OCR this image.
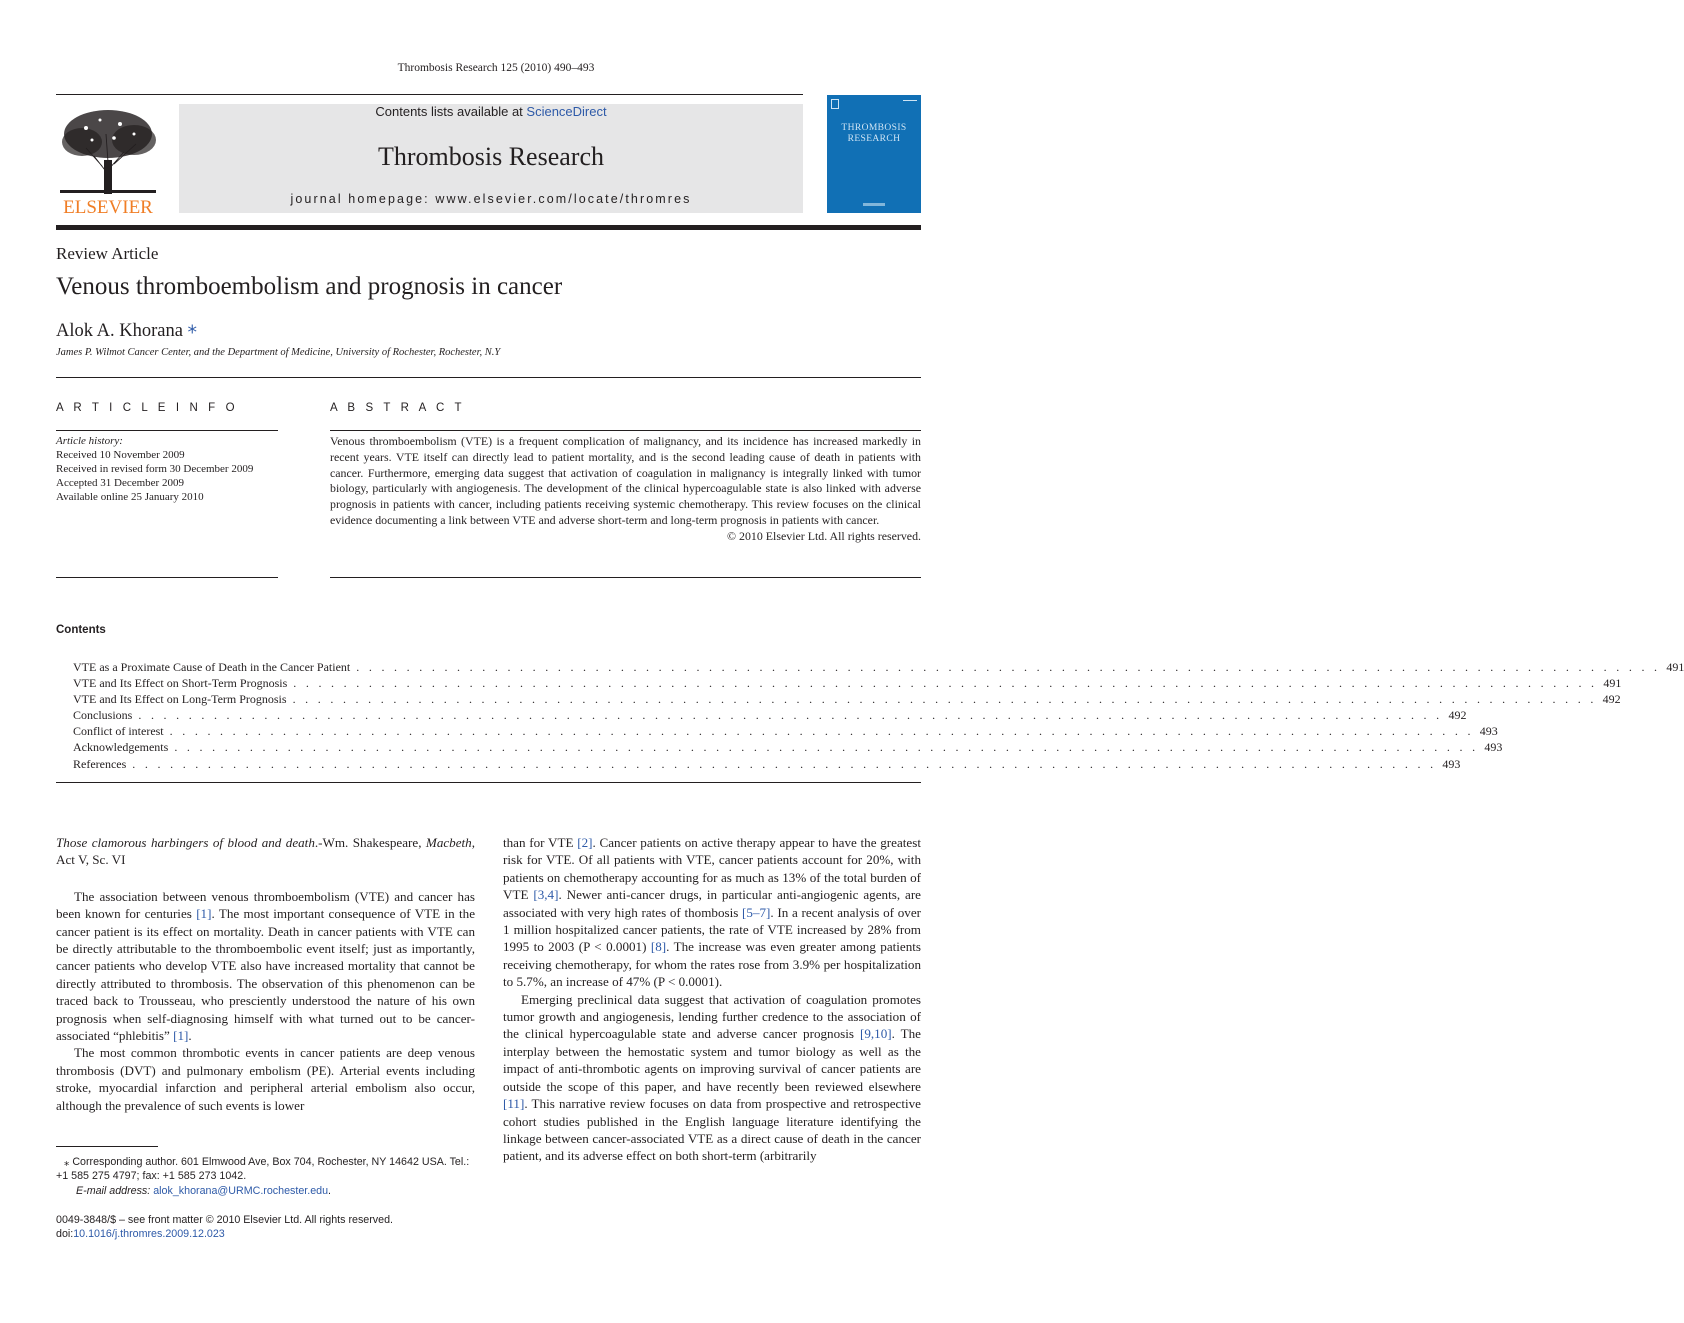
Thrombosis Research 125 (2010) 490–493
ELSEVIER
Contents lists available at ScienceDirect
Thrombosis Research
journal homepage: www.elsevier.com/locate/thromres
THROMBOSIS
RESEARCH
Review Article
Venous thromboembolism and prognosis in cancer
Alok A. Khorana ⁎
James P. Wilmot Cancer Center, and the Department of Medicine, University of Rochester, Rochester, N.Y
A R T I C L E I N F O
Article history:
Received 10 November 2009
Received in revised form 30 December 2009
Accepted 31 December 2009
Available online 25 January 2010
A B S T R A C T
Venous thromboembolism (VTE) is a frequent complication of malignancy, and its incidence has increased markedly in recent years. VTE itself can directly lead to patient mortality, and is the second leading cause of death in patients with cancer. Furthermore, emerging data suggest that activation of coagulation in malignancy is integrally linked with tumor biology, particularly with angiogenesis. The development of the clinical hypercoagulable state is also linked with adverse prognosis in patients with cancer, including patients receiving systemic chemotherapy. This review focuses on the clinical evidence documenting a link between VTE and adverse short-term and long-term prognosis in patients with cancer.
© 2010 Elsevier Ltd. All rights reserved.
Contents
VTE as a Proximate Cause of Death in the Cancer Patient . . . . . . . . . . . . . . . . . . . . . . . . . . . . . . . . . . . . . . . . . . . . . . . . . . . . . . . . . . . . . . . . . . . . . . . . . . . . . . . . . . . . . . . . . . . . . . . . . . . . . . . . 491
VTE and Its Effect on Short-Term Prognosis . . . . . . . . . . . . . . . . . . . . . . . . . . . . . . . . . . . . . . . . . . . . . . . . . . . . . . . . . . . . . . . . . . . . . . . . . . . . . . . . . . . . . . . . . . . . . . . . . . . . . . . . 491
VTE and Its Effect on Long-Term Prognosis . . . . . . . . . . . . . . . . . . . . . . . . . . . . . . . . . . . . . . . . . . . . . . . . . . . . . . . . . . . . . . . . . . . . . . . . . . . . . . . . . . . . . . . . . . . . . . . . . . . . . . . . 492
Conclusions . . . . . . . . . . . . . . . . . . . . . . . . . . . . . . . . . . . . . . . . . . . . . . . . . . . . . . . . . . . . . . . . . . . . . . . . . . . . . . . . . . . . . . . . . . . . . . . . . . . . . . . . 492
Conflict of interest . . . . . . . . . . . . . . . . . . . . . . . . . . . . . . . . . . . . . . . . . . . . . . . . . . . . . . . . . . . . . . . . . . . . . . . . . . . . . . . . . . . . . . . . . . . . . . . . . . . . . . . . 493
Acknowledgements . . . . . . . . . . . . . . . . . . . . . . . . . . . . . . . . . . . . . . . . . . . . . . . . . . . . . . . . . . . . . . . . . . . . . . . . . . . . . . . . . . . . . . . . . . . . . . . . . . . . . . . . 493
References . . . . . . . . . . . . . . . . . . . . . . . . . . . . . . . . . . . . . . . . . . . . . . . . . . . . . . . . . . . . . . . . . . . . . . . . . . . . . . . . . . . . . . . . . . . . . . . . . . . . . . . . 493

Those clamorous harbingers of blood and death.-Wm. Shakespeare, Macbeth, Act V, Sc. VI

The association between venous thromboembolism (VTE) and cancer has been known for centuries [1]. The most important consequence of VTE in the cancer patient is its effect on mortality. Death in cancer patients with VTE can be directly attributable to the thromboembolic event itself; just as importantly, cancer patients who develop VTE also have increased mortality that cannot be directly attributed to thrombosis. The observation of this phenomenon can be traced back to Trousseau, who presciently understood the nature of his own prognosis when self-diagnosing himself with what turned out to be cancer-associated “phlebitis” [1].

The most common thrombotic events in cancer patients are deep venous thrombosis (DVT) and pulmonary embolism (PE). Arterial events including stroke, myocardial infarction and peripheral arterial embolism also occur, although the prevalence of such events is lower

⁎ Corresponding author. 601 Elmwood Ave, Box 704, Rochester, NY 14642 USA. Tel.: +1 585 275 4797; fax: +1 585 273 1042.

E-mail address: alok_khorana@URMC.rochester.edu.

0049-3848/$ – see front matter © 2010 Elsevier Ltd. All rights reserved.
doi:10.1016/j.thromres.2009.12.023

than for VTE [2]. Cancer patients on active therapy appear to have the greatest risk for VTE. Of all patients with VTE, cancer patients account for 20%, with patients on chemotherapy accounting for as much as 13% of the total burden of VTE [3,4]. Newer anti-cancer drugs, in particular anti-angiogenic agents, are associated with very high rates of thombosis [5–7]. In a recent analysis of over 1 million hospitalized cancer patients, the rate of VTE increased by 28% from 1995 to 2003 (P < 0.0001) [8]. The increase was even greater among patients receiving chemotherapy, for whom the rates rose from 3.9% per hospitalization to 5.7%, an increase of 47% (P < 0.0001).

Emerging preclinical data suggest that activation of coagulation promotes tumor growth and angiogenesis, lending further credence to the association of the clinical hypercoagulable state and adverse cancer prognosis [9,10]. The interplay between the hemostatic system and tumor biology as well as the impact of anti-thrombotic agents on improving survival of cancer patients are outside the scope of this paper, and have recently been reviewed elsewhere [11]. This narrative review focuses on data from prospective and retrospective cohort studies published in the English language literature identifying the linkage between cancer-associated VTE as a direct cause of death in the cancer patient, and its adverse effect on both short-term (arbitrarily
